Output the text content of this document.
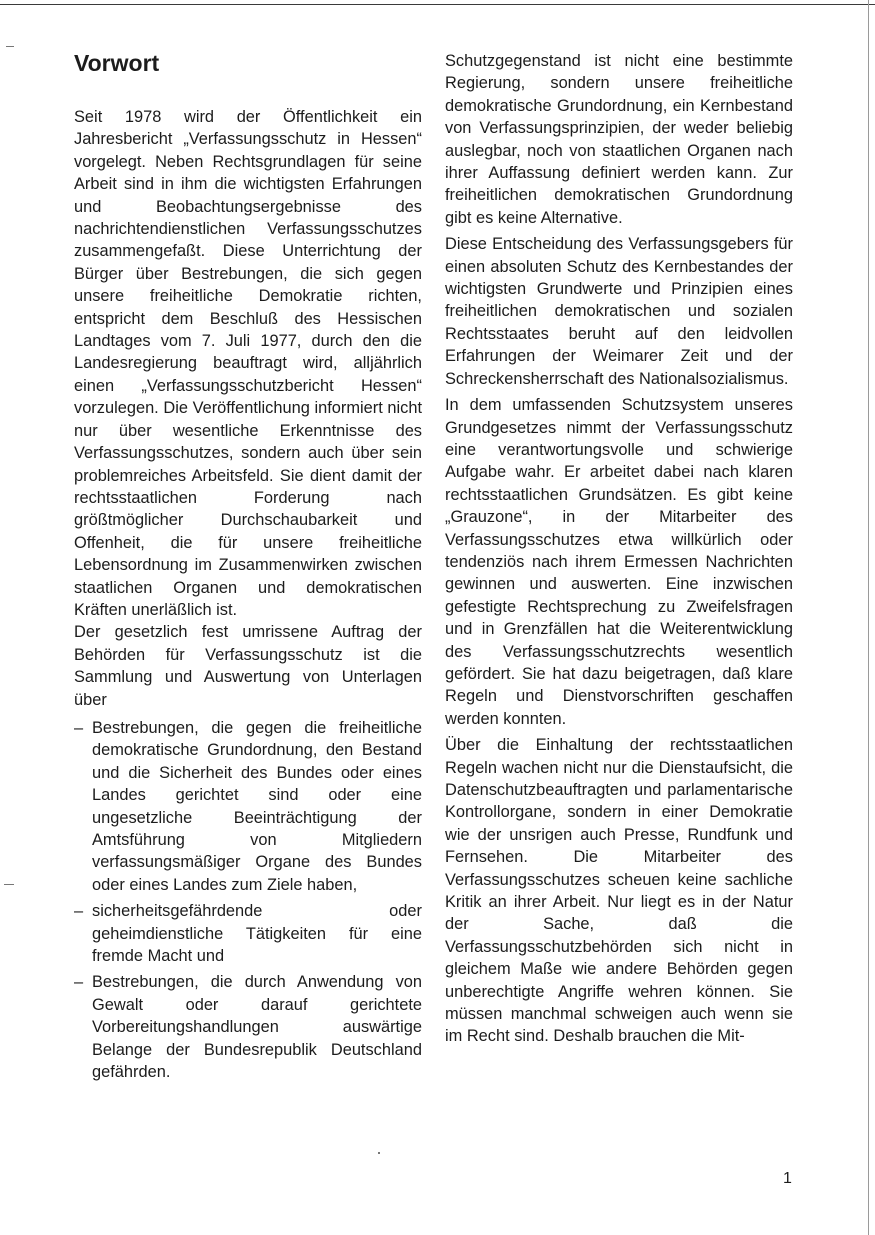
Vorwort

Seit 1978 wird der Öffentlichkeit ein Jahresbericht „Verfassungsschutz in Hessen“ vorgelegt. Neben Rechtsgrundlagen für seine Arbeit sind in ihm die wichtigsten Erfahrungen und Beobachtungsergebnisse des nachrichtendienstlichen Verfassungsschutzes zusammengefaßt. Diese Unterrichtung der Bürger über Bestrebungen, die sich gegen unsere freiheitliche Demokratie richten, entspricht dem Beschluß des Hessischen Landtages vom 7. Juli 1977, durch den die Landesregierung beauftragt wird, alljährlich einen „Verfassungsschutzbericht Hessen“ vorzulegen. Die Veröffentlichung informiert nicht nur über wesentliche Erkenntnisse des Verfassungsschutzes, sondern auch über sein problemreiches Arbeitsfeld. Sie dient damit der rechtsstaatlichen Forderung nach größtmöglicher Durchschaubarkeit und Offenheit, die für unsere freiheitliche Lebensordnung im Zusammenwirken zwischen staatlichen Organen und demokratischen Kräften unerläßlich ist.

Der gesetzlich fest umrissene Auftrag der Behörden für Verfassungsschutz ist die Sammlung und Auswertung von Unterlagen über

– Bestrebungen, die gegen die freiheitliche demokratische Grundordnung, den Bestand und die Sicherheit des Bundes oder eines Landes gerichtet sind oder eine ungesetzliche Beeinträchtigung der Amtsführung von Mitgliedern verfassungsmäßiger Organe des Bundes oder eines Landes zum Ziele haben,
– sicherheitsgefährdende oder geheimdienstliche Tätigkeiten für eine fremde Macht und
– Bestrebungen, die durch Anwendung von Gewalt oder darauf gerichtete Vorbereitungshandlungen auswärtige Belange der Bundesrepublik Deutschland gefährden.

Schutzgegenstand ist nicht eine bestimmte Regierung, sondern unsere freiheitliche demokratische Grundordnung, ein Kernbestand von Verfassungsprinzipien, der weder beliebig auslegbar, noch von staatlichen Organen nach ihrer Auffassung definiert werden kann. Zur freiheitlichen demokratischen Grundordnung gibt es keine Alternative.

Diese Entscheidung des Verfassungsgebers für einen absoluten Schutz des Kernbestandes der wichtigsten Grundwerte und Prinzipien eines freiheitlichen demokratischen und sozialen Rechtsstaates beruht auf den leidvollen Erfahrungen der Weimarer Zeit und der Schreckensherrschaft des Nationalsozialismus.

In dem umfassenden Schutzsystem unseres Grundgesetzes nimmt der Verfassungsschutz eine verantwortungsvolle und schwierige Aufgabe wahr. Er arbeitet dabei nach klaren rechtsstaatlichen Grundsätzen. Es gibt keine „Grauzone“, in der Mitarbeiter des Verfassungsschutzes etwa willkürlich oder tendenziös nach ihrem Ermessen Nachrichten gewinnen und auswerten. Eine inzwischen gefestigte Rechtsprechung zu Zweifelsfragen und in Grenzfällen hat die Weiterentwicklung des Verfassungsschutzrechts wesentlich gefördert. Sie hat dazu beigetragen, daß klare Regeln und Dienstvorschriften geschaffen werden konnten.

Über die Einhaltung der rechtsstaatlichen Regeln wachen nicht nur die Dienstaufsicht, die Datenschutzbeauftragten und parlamentarische Kontrollorgane, sondern in einer Demokratie wie der unsrigen auch Presse, Rundfunk und Fernsehen. Die Mitarbeiter des Verfassungsschutzes scheuen keine sachliche Kritik an ihrer Arbeit. Nur liegt es in der Natur der Sache, daß die Verfassungsschutzbehörden sich nicht in gleichem Maße wie andere Behörden gegen unberechtigte Angriffe wehren können. Sie müssen manchmal schweigen auch wenn sie im Recht sind. Deshalb brauchen die Mit-

1
